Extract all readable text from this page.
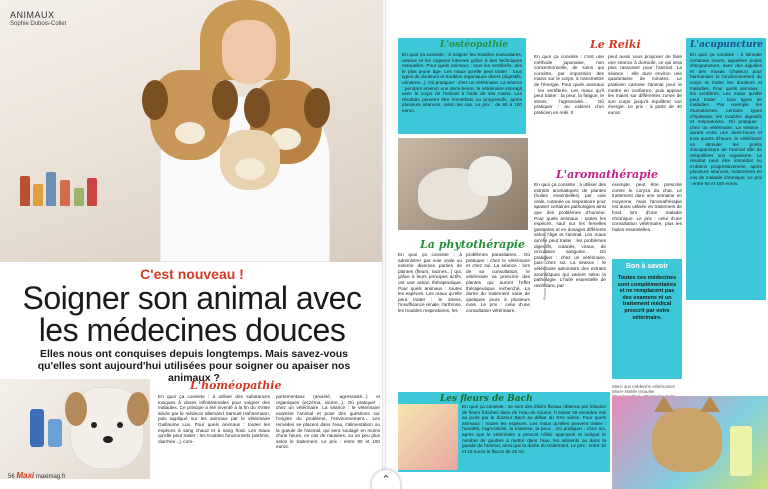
ANIMAUX
Sophie Dubois-Collet
C'est nouveau !
Soigner son animal avec
les médecines douces
Elles nous ont conquises depuis longtemps. Mais savez-vous qu'elles sont aujourd'hui utilisées pour soigner ou apaiser nos animaux ?
L'homéopathie
En quoi ça consiste : à utiliser des substances toxiques à doses infinitésimales pour soigner des maladies. Ce principe a été inventé à la fin du XVIIIe siècle par le médecin allemand Samuel Hahnemann, puis appliqué sur les animaux par le vétérinaire Guillaume Lux. Pour quels animaux : toutes les espèces à sang chaud et à sang froid. Les maux qu'elle peut traiter : les troubles fonctionnels (asthme, diarrhée...), com-
portementaux (anxiété, agressivité...) et organiques (eczéma, ulcère...). Où pratiquer : chez un vétérinaire. La séance : le vétérinaire examine l'animal et pose des questions sur l'origine du problème, l'environnement... Les remèdes se placent dans l'eau, l'alimentation ou la gueule de l'animal, qui sera soulagé en moins d'une heure, en cas de nausées, ou un peu plus selon le traitement. Le prix : entre 80 et 100 euros.
56 Maxi maximag.fr
L'ostéopathie
En quoi ça consiste : à soigner les troubles musculaires, osseux et les organes internes grâce à des techniques manuelles. Pour quels animaux : tous les vertébrés, dès le plus jeune âge. Les maux qu'elle peut traiter : tous types de douleurs et troubles organiques divers (digestifs, urinaires...). Où pratiquer : chez un vétérinaire. La séance : pendant environ une demi-heure, le vétérinaire interagit avec le corps de l'animal à l'aide de ses mains. Les résultats peuvent être immédiats ou progressifs, après plusieurs séances, selon les cas. Le prix : de 50 à 100 euros.
Le Reiki
En quoi ça consiste : c'est une méthode japonaise, non conventionnelle, de soins qui consiste, par imposition des mains sur le corps, à transmettre de l'énergie. Pour quels animaux : les vertébrés. Les maux qu'il peut traiter : la peur, la fatigue, le stress, l'agressivité... Où pratiquer : au cabinet d'un praticien en reiki. Il
peut aussi vous proposer de faire une séance à domicile, ce qui sera plus rassurant pour l'animal. La séance : elle dure environ une quarantaine de minutes. Le praticien caresse l'animal pour le mettre en confiance, puis appose les mains sur différentes zones de son corps jusqu'à équilibrer son énergie. Le prix : à partir de 40 euros.
L'acupuncture
En quoi ça consiste : à stimuler certaines zones, appelées points d'acupuncture, avec des aiguilles et des moxas (chaleur) pour harmoniser le fonctionnement du corps et traiter les douleurs et maladies. Pour quels animaux : les vertébrés. Les maux qu'elle peut traiter : tous types de maladies. Par exemple les rhumatismes, certains types d'épilepsie, les troubles digestifs et respiratoires. Où pratiquer : chez un vétérinaire. La séance : durant entre une demi-heure et trois quarts d'heure, le vétérinaire va stimuler les points d'acupuncture de l'animal afin de rééquilibrer son organisme. Le résultat peut être immédiat ou s'obtenir progressivement, après plusieurs séances, notamment en cas de maladie chronique. Le prix : entre 50 et 100 euros.
L'aromathérapie
En quoi ça consiste : à utiliser des extraits aromatiques de plantes (huiles essentielles) par voie orale, cutanée ou respiratoire pour apaiser certaines pathologies ainsi que des problèmes d'humeur. Pour quels animaux : toutes les espèces, sauf sur les femelles gestantes et en dosages différents selon l'âge et l'animal. Les maux qu'elle peut traiter : les problèmes digestifs, cutanés, viraux, de circulation sanguine... Où pratiquer : chez un vétérinaire, puis chez soi. La séance : le vétérinaire administre des extraits aromatiques qui varient selon la pathologie. L'huile essentielle de ravintsara, par
exemple, peut être prescrite contre le coryza du chat. Le traitement dure une semaine en moyenne, mais l'aromathérapie est aussi utilisée en traitement de fond lors d'une maladie chronique. Le prix : celui d'une consultation vétérinaire, plus les huiles essentielles.
La phytothérapie
En quoi ça consiste : à administrer par voie orale ou externe diverses parties de plantes (fleurs, racines...) qui, grâce à leurs principes actifs, ont une action thérapeutique. Pour quels animaux : toutes les espèces. Les maux qu'elle peut traiter : le stress, l'insuffisance rénale, l'arthrose, les troubles respiratoires, les
problèmes parasitaires... Où pratiquer : chez le vétérinaire et chez soi. La séance : lors de sa consultation, le vétérinaire va prescrire des plantes qui auront l'effet thérapeutique recherché. La durée du traitement varie de quelques jours à plusieurs mois. Le prix : celui d'une consultation vétérinaire.
Bon à savoir
Toutes ces médecines sont complémentaires et ne remplacent pas des examens ni un traitement médical prescrit par votre vétérinaire.
Merci aux médecins vétérinaires Marie-Noëlle Issautier
Photos Shutterstock, Getty Images, Istock
Les fleurs de Bach
En quoi ça consiste : se sont des élixirs floraux obtenus par infusion de fleurs fraîches dans de l'eau de source. Il existe 38 remèdes mis au point par le docteur Bach au début du XXe siècle. Pour quels animaux : toutes les espèces. Les maux qu'elles peuvent traiter : l'anxiété, l'agressivité, la tristesse, la peur... Où pratiquer : chez soi, après que le vétérinaire a prescrit l'élixir approprié et indiqué le nombre de gouttes à mettre dans l'eau, les aliments ou dans la gueule de l'animal, ainsi que la durée du traitement. Le prix : entre 10 et 15 euros le flacon de 20 ml.
⌃
